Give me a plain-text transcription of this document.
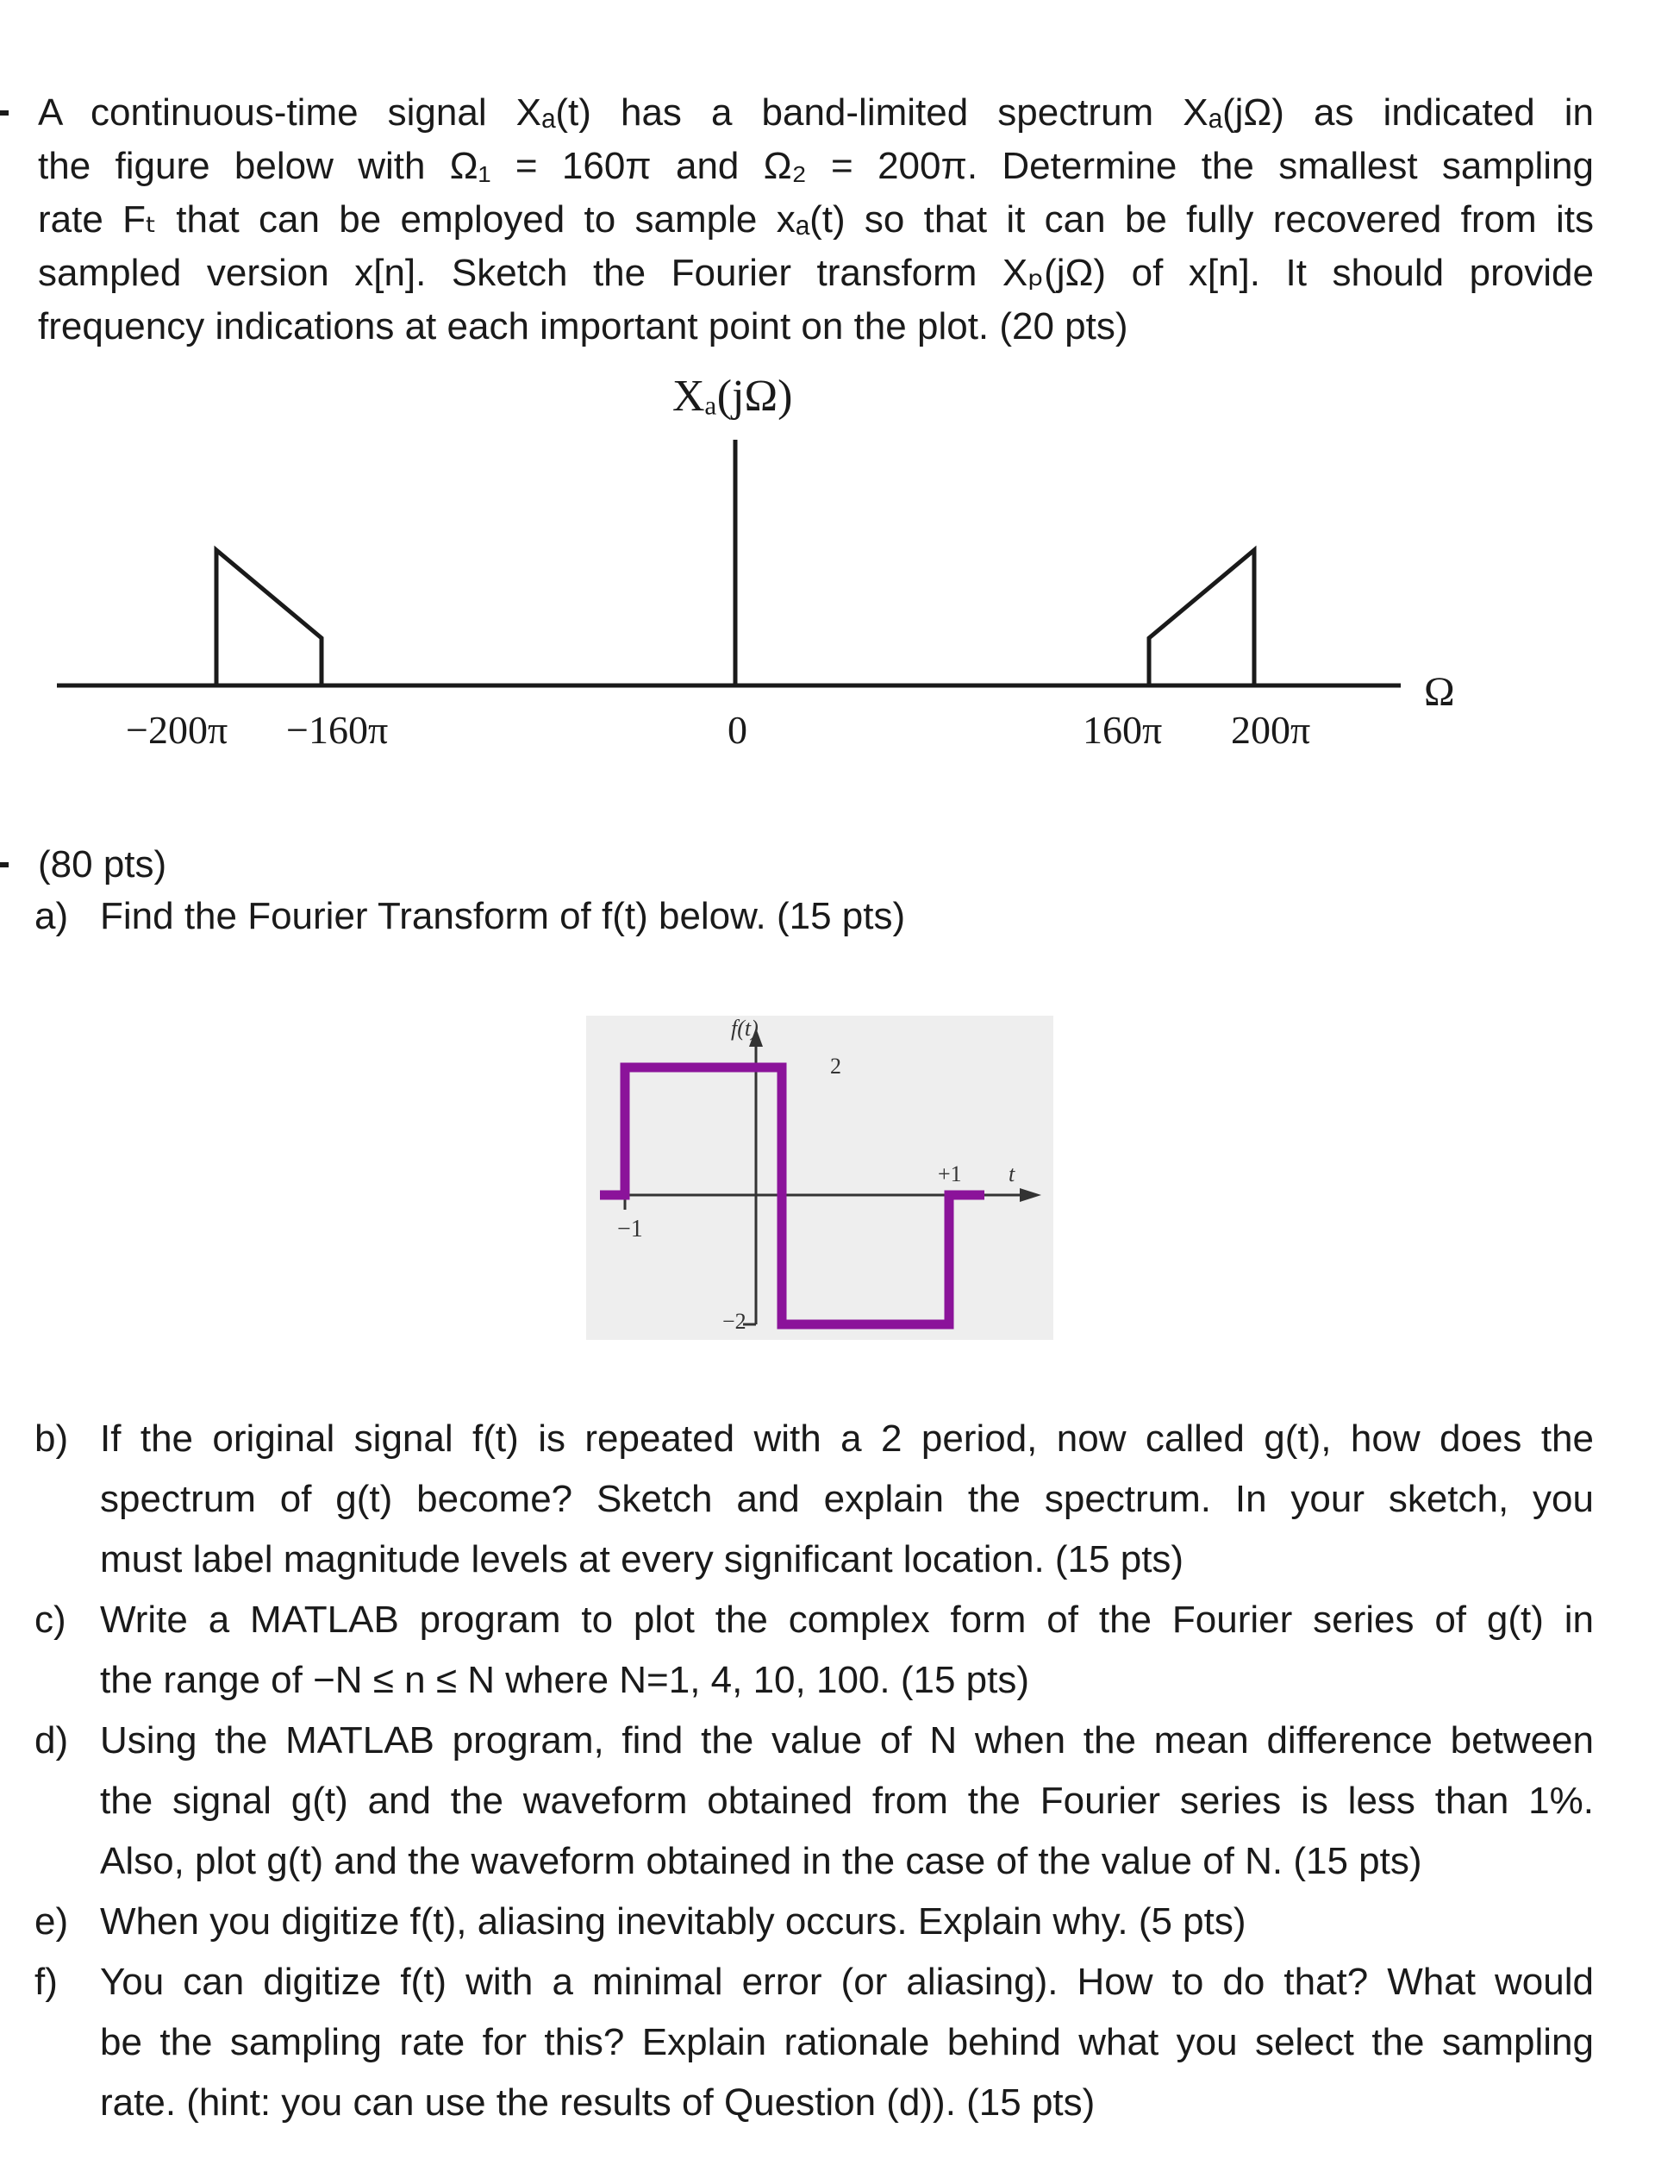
A continuous-time signal Xₐ(t) has a band-limited spectrum Xₐ(jΩ) as indicated in
the figure below with Ω₁ = 160π and Ω₂ = 200π. Determine the smallest sampling
rate Fₜ that can be employed to sample xₐ(t) so that it can be fully recovered from its
sampled version x[n]. Sketch the Fourier transform Xₚ(jΩ) of x[n]. It should provide
frequency indications at each important point on the plot. (20 pts)
Xₐ(jΩ)
Ω
−200π −160π	0	160π 200π
(80 pts)
a) Find the Fourier Transform of f(t) below. (15 pts)
f(t)
2
+1 t
−1
−2
b) If the original signal f(t) is repeated with a 2 period, now called g(t), how does the
spectrum of g(t) become? Sketch and explain the spectrum. In your sketch, you
must label magnitude levels at every significant location. (15 pts)
c) Write a MATLAB program to plot the complex form of the Fourier series of g(t) in
the range of −N ≤ n ≤ N where N=1, 4, 10, 100. (15 pts)
d) Using the MATLAB program, find the value of N when the mean difference between
the signal g(t) and the waveform obtained from the Fourier series is less than 1%.
Also, plot g(t) and the waveform obtained in the case of the value of N. (15 pts)
e) When you digitize f(t), aliasing inevitably occurs. Explain why. (5 pts)
f) You can digitize f(t) with a minimal error (or aliasing). How to do that? What would
be the sampling rate for this? Explain rationale behind what you select the sampling
rate. (hint: you can use the results of Question (d)). (15 pts)
